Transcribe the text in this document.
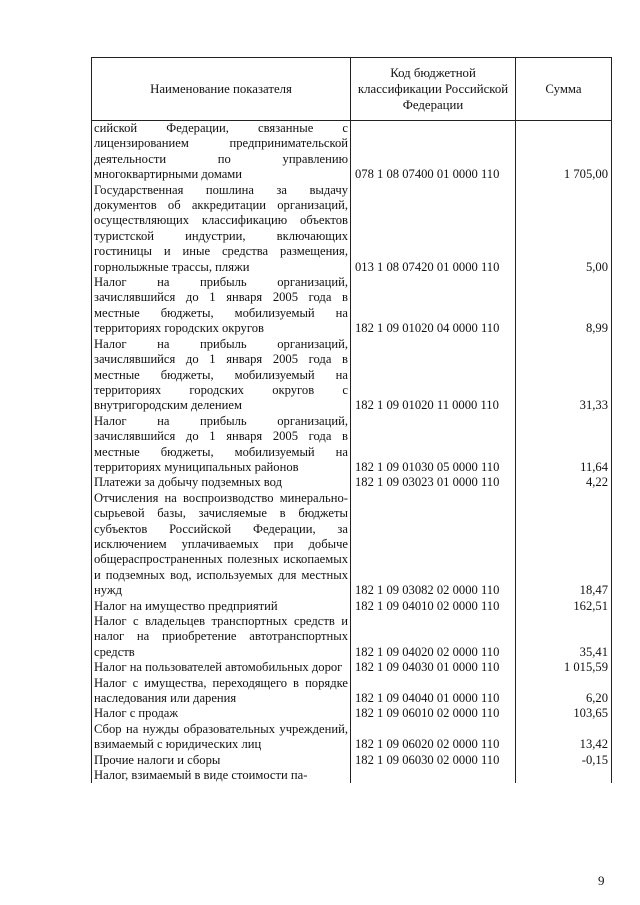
Наименование показателя	Код бюджетной классификации Российской Федерации	Сумма
сийской Федерации, связанные с лицензированием предпринимательской деятельности по управлению многоквартирными домами	078 1 08 07400 01 0000 110	1 705,00
Государственная пошлина за выдачу документов об аккредитации организаций, осуществляющих классификацию объектов туристской индустрии, включающих гостиницы и иные средства размещения, горнолыжные трассы, пляжи	013 1 08 07420 01 0000 110	5,00
Налог на прибыль организаций, зачислявшийся до 1 января 2005 года в местные бюджеты, мобилизуемый на территориях городских округов	182 1 09 01020 04 0000 110	8,99
Налог на прибыль организаций, зачислявшийся до 1 января 2005 года в местные бюджеты, мобилизуемый на территориях городских округов с внутригородским делением	182 1 09 01020 11 0000 110	31,33
Налог на прибыль организаций, зачислявшийся до 1 января 2005 года в местные бюджеты, мобилизуемый на территориях муниципальных районов	182 1 09 01030 05 0000 110	11,64
Платежи за добычу подземных вод	182 1 09 03023 01 0000 110	4,22
Отчисления на воспроизводство минерально-сырьевой базы, зачисляемые в бюджеты субъектов Российской Федерации, за исключением уплачиваемых при добыче общераспространенных полезных ископаемых и подземных вод, используемых для местных нужд	182 1 09 03082 02 0000 110	18,47
Налог на имущество предприятий	182 1 09 04010 02 0000 110	162,51
Налог с владельцев транспортных средств и налог на приобретение автотранспортных средств	182 1 09 04020 02 0000 110	35,41
Налог на пользователей автомобильных дорог	182 1 09 04030 01 0000 110	1 015,59
Налог с имущества, переходящего в порядке наследования или дарения	182 1 09 04040 01 0000 110	6,20
Налог с продаж	182 1 09 06010 02 0000 110	103,65
Сбор на нужды образовательных учреждений, взимаемый с юридических лиц	182 1 09 06020 02 0000 110	13,42
Прочие налоги и сборы	182 1 09 06030 02 0000 110	-0,15
Налог, взимаемый в виде стоимости па-		
9
